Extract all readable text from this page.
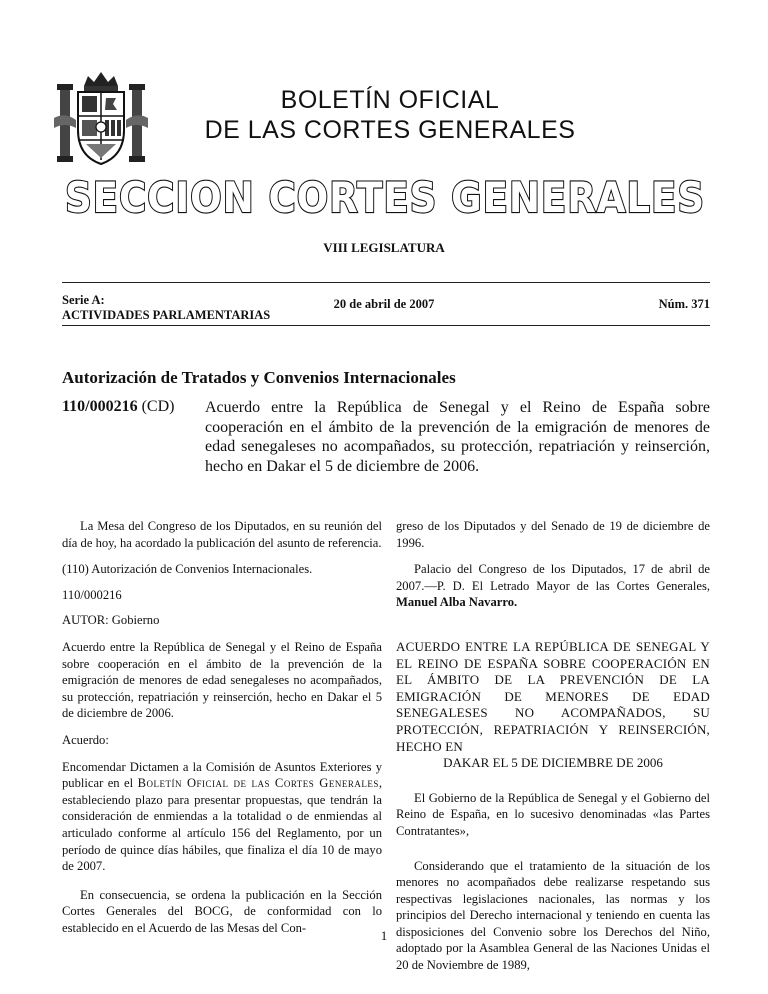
BOLETÍN OFICIAL
DE LAS CORTES GENERALES
SECCION CORTES GENERALES
VIII LEGISLATURA
Serie A:
ACTIVIDADES PARLAMENTARIAS
20 de abril de 2007	Núm. 371
Autorización de Tratados y Convenios Internacionales
110/000216 (CD) Acuerdo entre la República de Senegal y el Reino de España sobre cooperación en el ámbito de la prevención de la emigración de menores de edad senegaleses no acompañados, su protección, repatriación y reinserción, hecho en Dakar el 5 de diciembre de 2006.

La Mesa del Congreso de los Diputados, en su reunión del día de hoy, ha acordado la publicación del asunto de referencia.

(110) Autorización de Convenios Internacionales.

110/000216

AUTOR: Gobierno

Acuerdo entre la República de Senegal y el Reino de España sobre cooperación en el ámbito de la prevención de la emigración de menores de edad senegaleses no acompañados, su protección, repatriación y reinserción, hecho en Dakar el 5 de diciembre de 2006.

Acuerdo:

Encomendar Dictamen a la Comisión de Asuntos Exteriores y publicar en el Boletín Oficial de las Cortes Generales, estableciendo plazo para presentar propuestas, que tendrán la consideración de enmiendas a la totalidad o de enmiendas al articulado conforme al artículo 156 del Reglamento, por un período de quince días hábiles, que finaliza el día 10 de mayo de 2007.

En consecuencia, se ordena la publicación en la Sección Cortes Generales del BOCG, de conformidad con lo establecido en el Acuerdo de las Mesas del Con-

greso de los Diputados y del Senado de 19 de diciembre de 1996.

Palacio del Congreso de los Diputados, 17 de abril de 2007.—P. D. El Letrado Mayor de las Cortes Generales, Manuel Alba Navarro.

ACUERDO ENTRE LA REPÚBLICA DE SENEGAL Y EL REINO DE ESPAÑA SOBRE COOPERACIÓN EN EL ÁMBITO DE LA PREVENCIÓN DE LA EMIGRACIÓN DE MENORES DE EDAD SENEGALESES NO ACOMPAÑADOS, SU PROTECCIÓN, REPATRIACIÓN Y REINSERCIÓN, HECHO EN

DAKAR EL 5 DE DICIEMBRE DE 2006

El Gobierno de la República de Senegal y el Gobierno del Reino de España, en lo sucesivo denominadas «las Partes Contratantes»,

Considerando que el tratamiento de la situación de los menores no acompañados debe realizarse respetando sus respectivas legislaciones nacionales, las normas y los principios del Derecho internacional y teniendo en cuenta las disposiciones del Convenio sobre los Derechos del Niño, adoptado por la Asamblea General de las Naciones Unidas el 20 de Noviembre de 1989,

1
